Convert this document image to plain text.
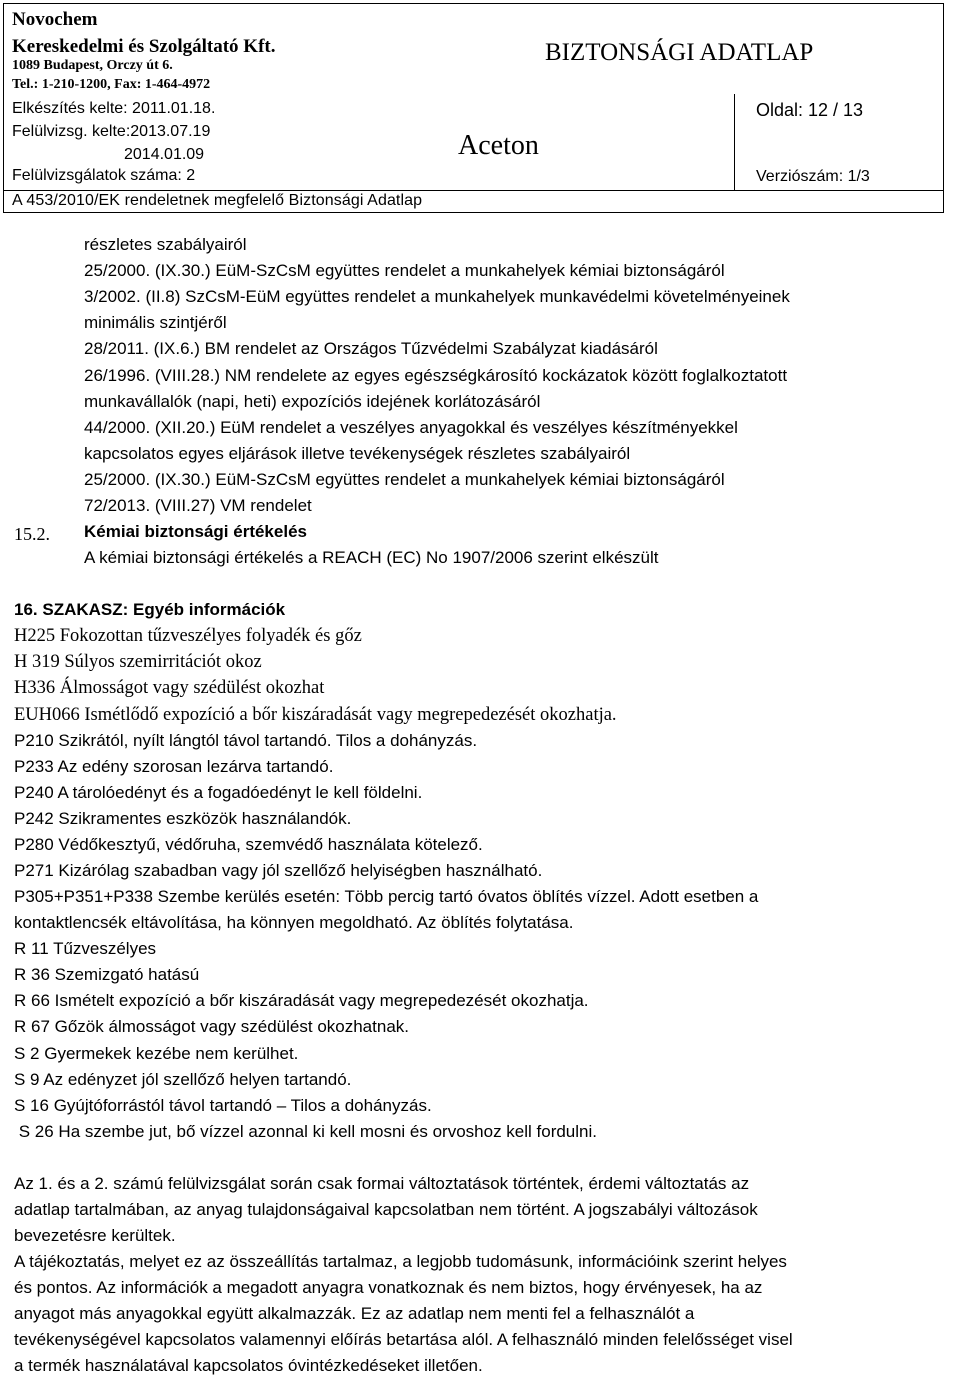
Novochem
Kereskedelmi és Szolgáltató Kft.
1089 Budapest, Orczy út 6.
Tel.: 1-210-1200, Fax: 1-464-4972
BIZTONSÁGI ADATLAP
Elkészítés kelte: 2011.01.18.
Felülvizsg. kelte:2013.07.19
2014.01.09
Felülvizsgálatok száma: 2
Aceton
Oldal: 12 / 13
Verziószám: 1/3
A 453/2010/EK rendeletnek megfelelő Biztonsági Adatlap
részletes szabályairól
25/2000. (IX.30.) EüM-SzCsM együttes rendelet a munkahelyek kémiai biztonságáról
3/2002. (II.8) SzCsM-EüM együttes rendelet a munkahelyek munkavédelmi követelményeinek
minimális szintjéről
28/2011. (IX.6.) BM rendelet az Országos Tűzvédelmi Szabályzat kiadásáról
26/1996. (VIII.28.) NM rendelete az egyes egészségkárosító kockázatok között foglalkoztatott
munkavállalók (napi, heti) expozíciós idejének korlátozásáról
44/2000. (XII.20.) EüM rendelet a veszélyes anyagokkal és veszélyes készítményekkel
kapcsolatos egyes eljárások illetve tevékenységek részletes szabályairól
25/2000. (IX.30.) EüM-SzCsM együttes rendelet a munkahelyek kémiai biztonságáról
72/2013. (VIII.27) VM rendelet
15.2. Kémiai biztonsági értékelés
A kémiai biztonsági értékelés a REACH (EC) No 1907/2006 szerint elkészült
16. SZAKASZ: Egyéb információk
H225 Fokozottan tűzveszélyes folyadék és gőz
H 319 Súlyos szemirritációt okoz
H336 Álmosságot vagy szédülést okozhat
EUH066 Ismétlődő expozíció a bőr kiszáradását vagy megrepedezését okozhatja.
P210 Szikrától, nyílt lángtól távol tartandó. Tilos a dohányzás.
P233 Az edény szorosan lezárva tartandó.
P240 A tárolóedényt és a fogadóedényt le kell földelni.
P242 Szikramentes eszközök használandók.
P280 Védőkesztyű, védőruha, szemvédő használata kötelező.
P271 Kizárólag szabadban vagy jól szellőző helyiségben használható.
P305+P351+P338 Szembe kerülés esetén: Több percig tartó óvatos öblítés vízzel. Adott esetben a
kontaktlencsék eltávolítása, ha könnyen megoldható. Az öblítés folytatása.
R 11 Tűzveszélyes
R 36 Szemizgató hatású
R 66 Ismételt expozíció a bőr kiszáradását vagy megrepedezését okozhatja.
R 67 Gőzök álmosságot vagy szédülést okozhatnak.
S 2 Gyermekek kezébe nem kerülhet.
S 9 Az edényzet jól szellőző helyen tartandó.
S 16 Gyújtóforrástól távol tartandó – Tilos a dohányzás.
S 26 Ha szembe jut, bő vízzel azonnal ki kell mosni és orvoshoz kell fordulni.
Az 1. és a 2. számú felülvizsgálat során csak formai változtatások történtek, érdemi változtatás az
adatlap tartalmában, az anyag tulajdonságaival kapcsolatban nem történt. A jogszabályi változások
bevezetésre kerültek.
A tájékoztatás, melyet ez az összeállítás tartalmaz, a legjobb tudomásunk, információink szerint helyes
és pontos. Az információk a megadott anyagra vonatkoznak és nem biztos, hogy érvényesek, ha az
anyagot más anyagokkal együtt alkalmazzák. Ez az adatlap nem menti fel a felhasználót a
tevékenységével kapcsolatos valamennyi előírás betartása alól. A felhasználó minden felelősséget visel
a termék használatával kapcsolatos óvintézkedéseket illetően.
